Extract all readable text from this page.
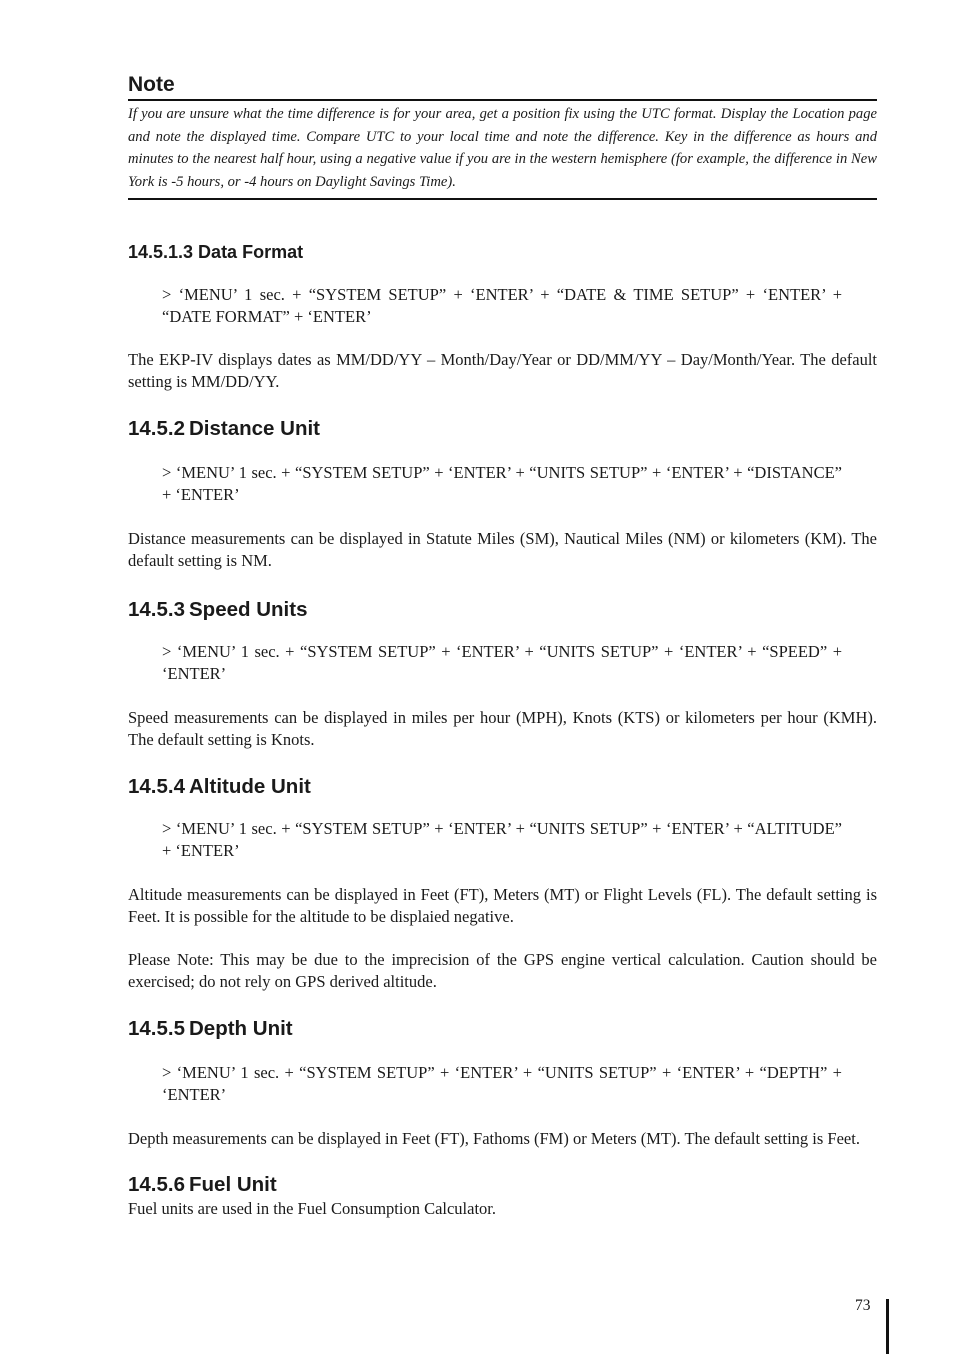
Note

If you are unsure what the time difference is for your area, get a position fix using the UTC format. Display the Location page and note the displayed time. Compare UTC to your local time and note the difference. Key in the difference as hours and minutes to the nearest half hour, using a negative value if you are in the western hemisphere (for example, the difference in New York is -5 hours, or -4 hours on Daylight Savings Time).

14.5.1.3 Data Format

> ‘MENU’ 1 sec. + “SYSTEM SETUP” + ‘ENTER’ + “DATE & TIME SETUP” + ‘ENTER’ + “DATE FORMAT” + ‘ENTER’

The EKP-IV displays dates as MM/DD/YY – Month/Day/Year or DD/MM/YY – Day/Month/Year. The default setting is MM/DD/YY.

14.5.2 Distance Unit

> ‘MENU’ 1 sec. + “SYSTEM SETUP” + ‘ENTER’ + “UNITS SETUP” + ‘ENTER’ + “DISTANCE” + ‘ENTER’

Distance measurements can be displayed in Statute Miles (SM), Nautical Miles (NM) or kilometers (KM). The default setting is NM.

14.5.3 Speed Units

> ‘MENU’ 1 sec. + “SYSTEM SETUP” + ‘ENTER’ + “UNITS SETUP” + ‘ENTER’ + “SPEED” + ‘ENTER’

Speed measurements can be displayed in miles per hour (MPH), Knots (KTS) or kilometers per hour (KMH). The default setting is Knots.

14.5.4 Altitude Unit

> ‘MENU’ 1 sec. + “SYSTEM SETUP” + ‘ENTER’ + “UNITS SETUP” + ‘ENTER’ + “ALTITUDE” + ‘ENTER’

Altitude measurements can be displayed in Feet (FT), Meters (MT) or Flight Levels (FL). The default setting is Feet. It is possible for the altitude to be displaied negative.

Please Note: This may be due to the imprecision of the GPS engine vertical calculation. Caution should be exercised; do not rely on GPS derived altitude.

14.5.5 Depth Unit

> ‘MENU’ 1 sec. + “SYSTEM SETUP” + ‘ENTER’ + “UNITS SETUP” + ‘ENTER’ + “DEPTH” + ‘ENTER’

Depth measurements can be displayed in Feet (FT), Fathoms (FM) or Meters (MT). The default setting is Feet.

14.5.6 Fuel Unit

Fuel units are used in the Fuel Consumption Calculator.

73
